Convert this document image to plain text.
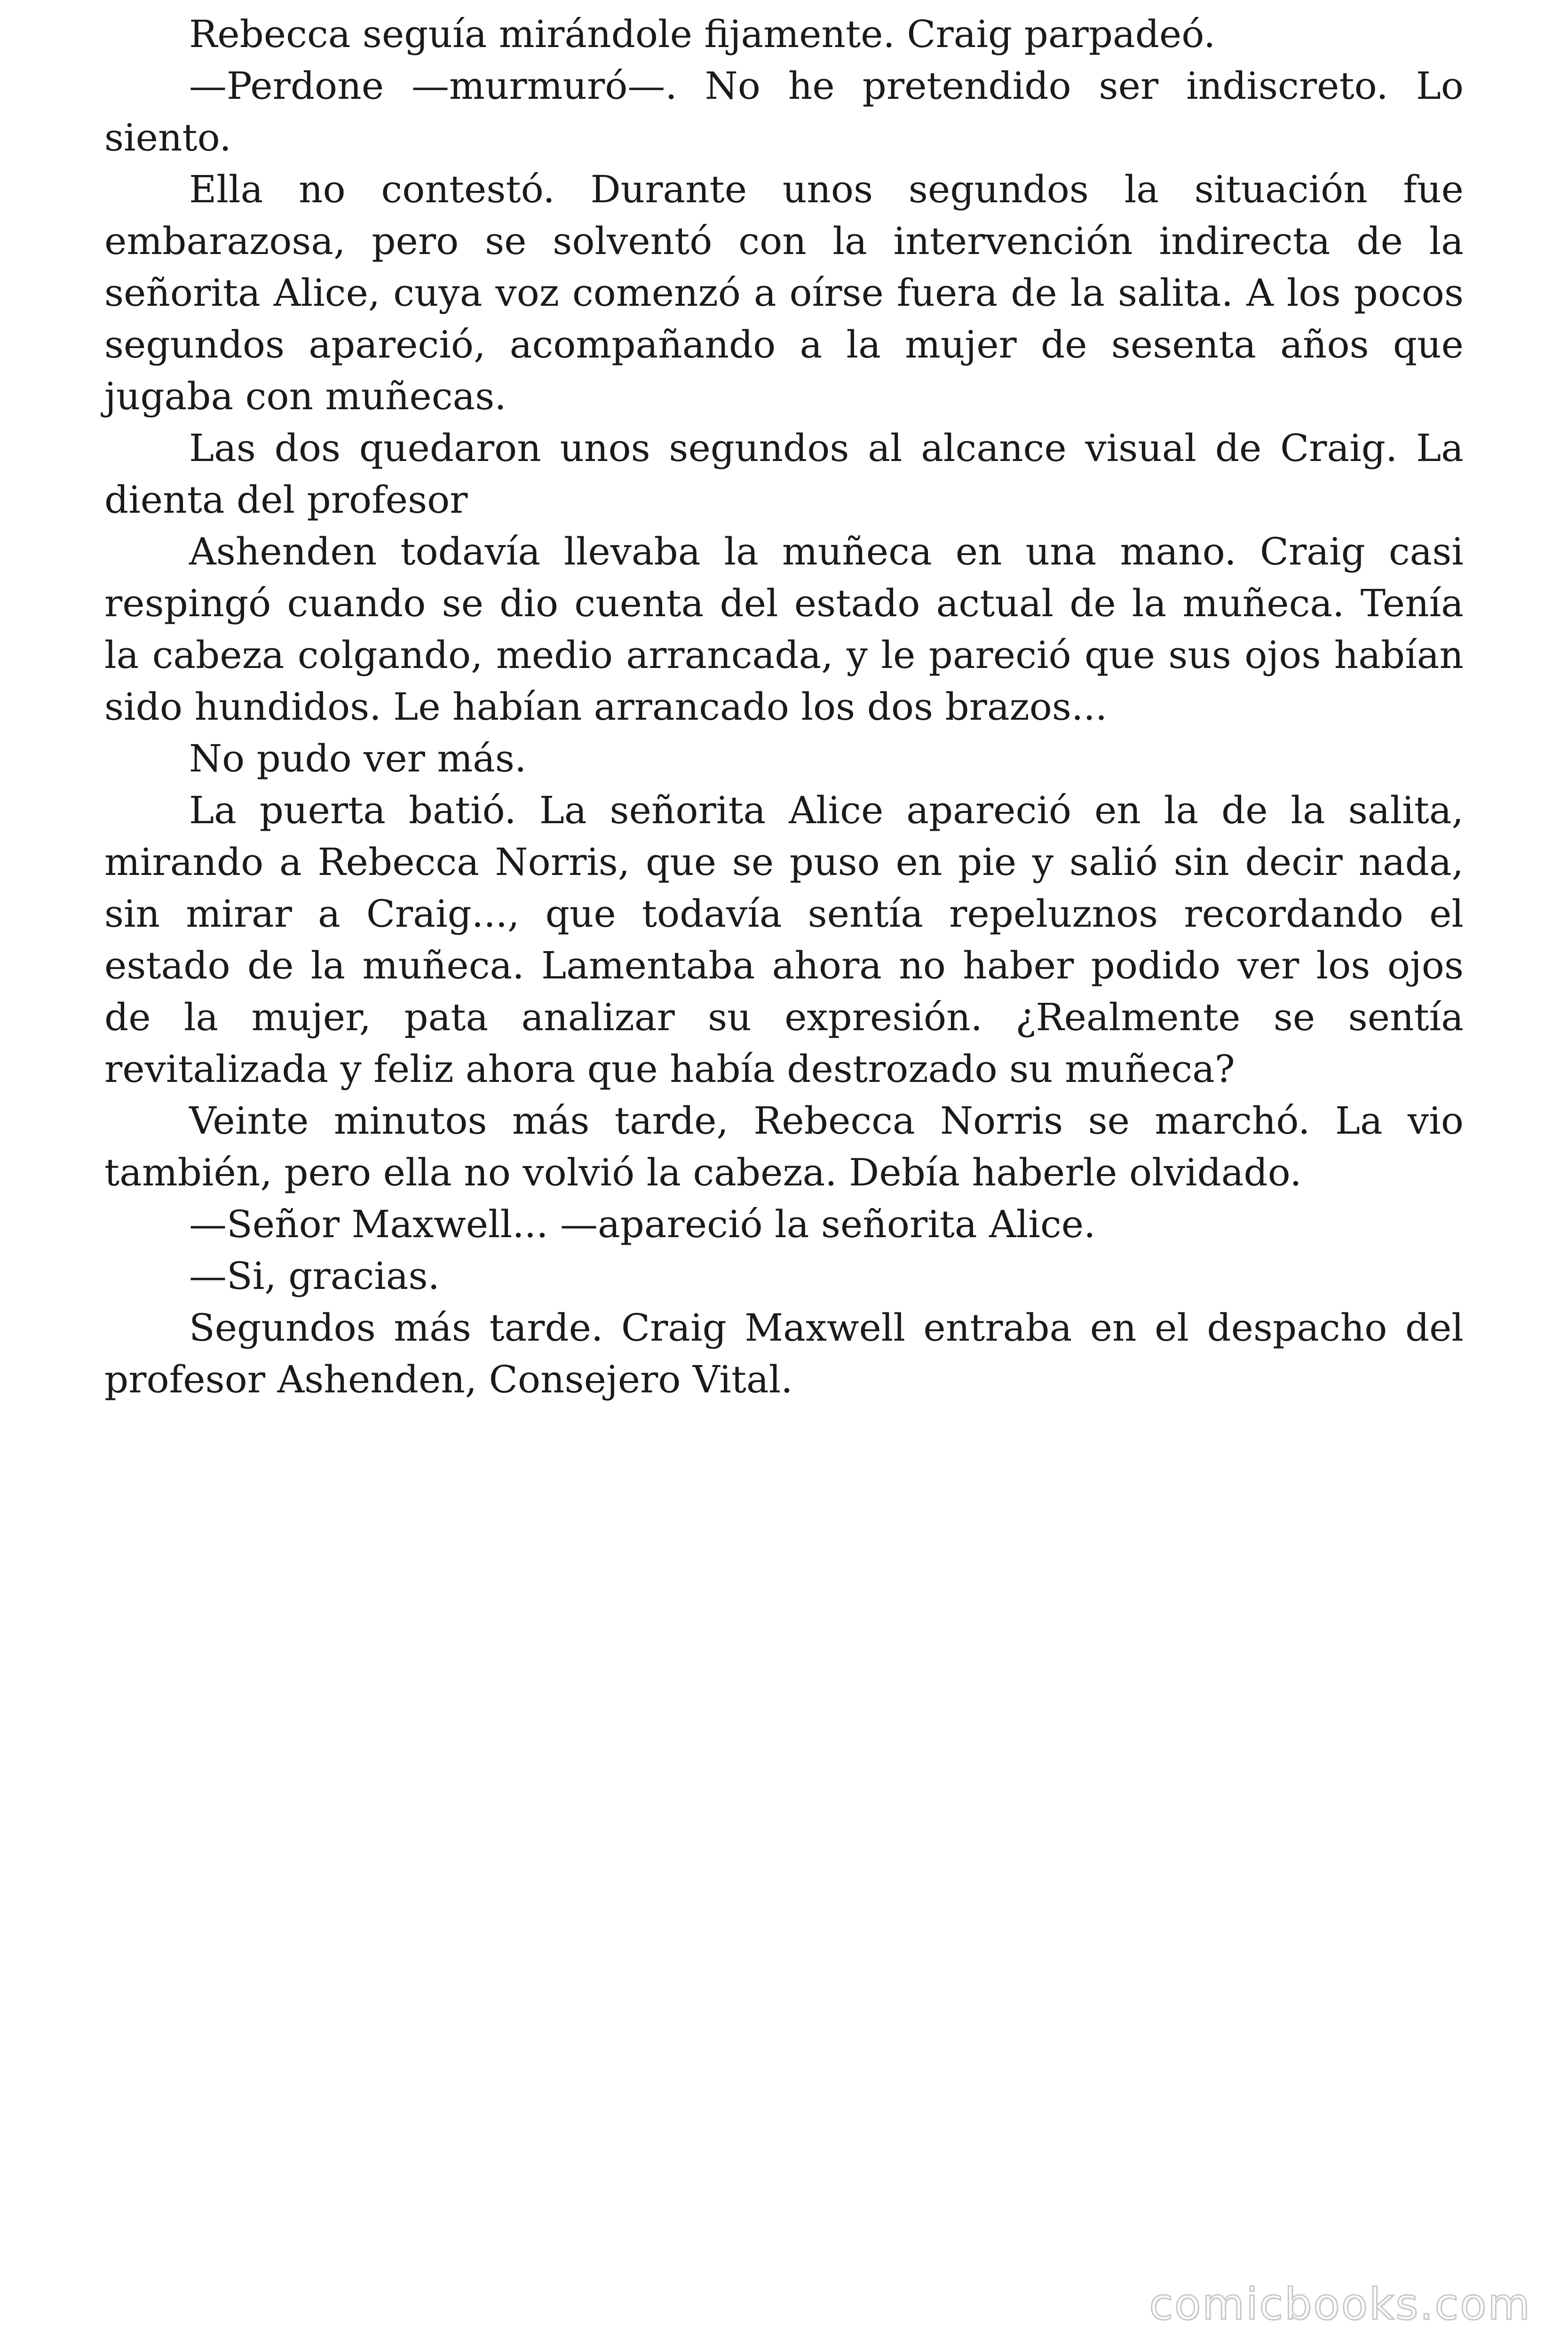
Rebecca seguía mirándole fijamente. Craig parpadeó.

—Perdone —murmuró—. No he pretendido ser indiscreto. Lo siento.

Ella no contestó. Durante unos segundos la situación fue embarazosa, pero se solventó con la intervención indirecta de la señorita Alice, cuya voz comenzó a oírse fuera de la salita. A los pocos segundos apareció, acompañando a la mujer de sesenta años que jugaba con muñecas.

Las dos quedaron unos segundos al alcance visual de Craig. La dienta del profesor

Ashenden todavía llevaba la muñeca en una mano. Craig casi respingó cuando se dio cuenta del estado actual de la muñeca. Tenía la cabeza colgando, medio arrancada, y le pareció que sus ojos habían sido hundidos. Le habían arrancado los dos brazos...

No pudo ver más.

La puerta batió. La señorita Alice apareció en la de la salita, mirando a Rebecca Norris, que se puso en pie y salió sin decir nada, sin mirar a Craig..., que todavía sentía repeluznos recordando el estado de la muñeca. Lamentaba ahora no haber podido ver los ojos de la mujer, pata analizar su expresión. ¿Realmente se sentía revitalizada y feliz ahora que había destrozado su muñeca?

Veinte minutos más tarde, Rebecca Norris se marchó. La vio también, pero ella no volvió la cabeza. Debía haberle olvidado.

—Señor Maxwell... —apareció la señorita Alice.

—Si, gracias.

Segundos más tarde. Craig Maxwell entraba en el despacho del profesor Ashenden, Consejero Vital.

comicbooks.com
